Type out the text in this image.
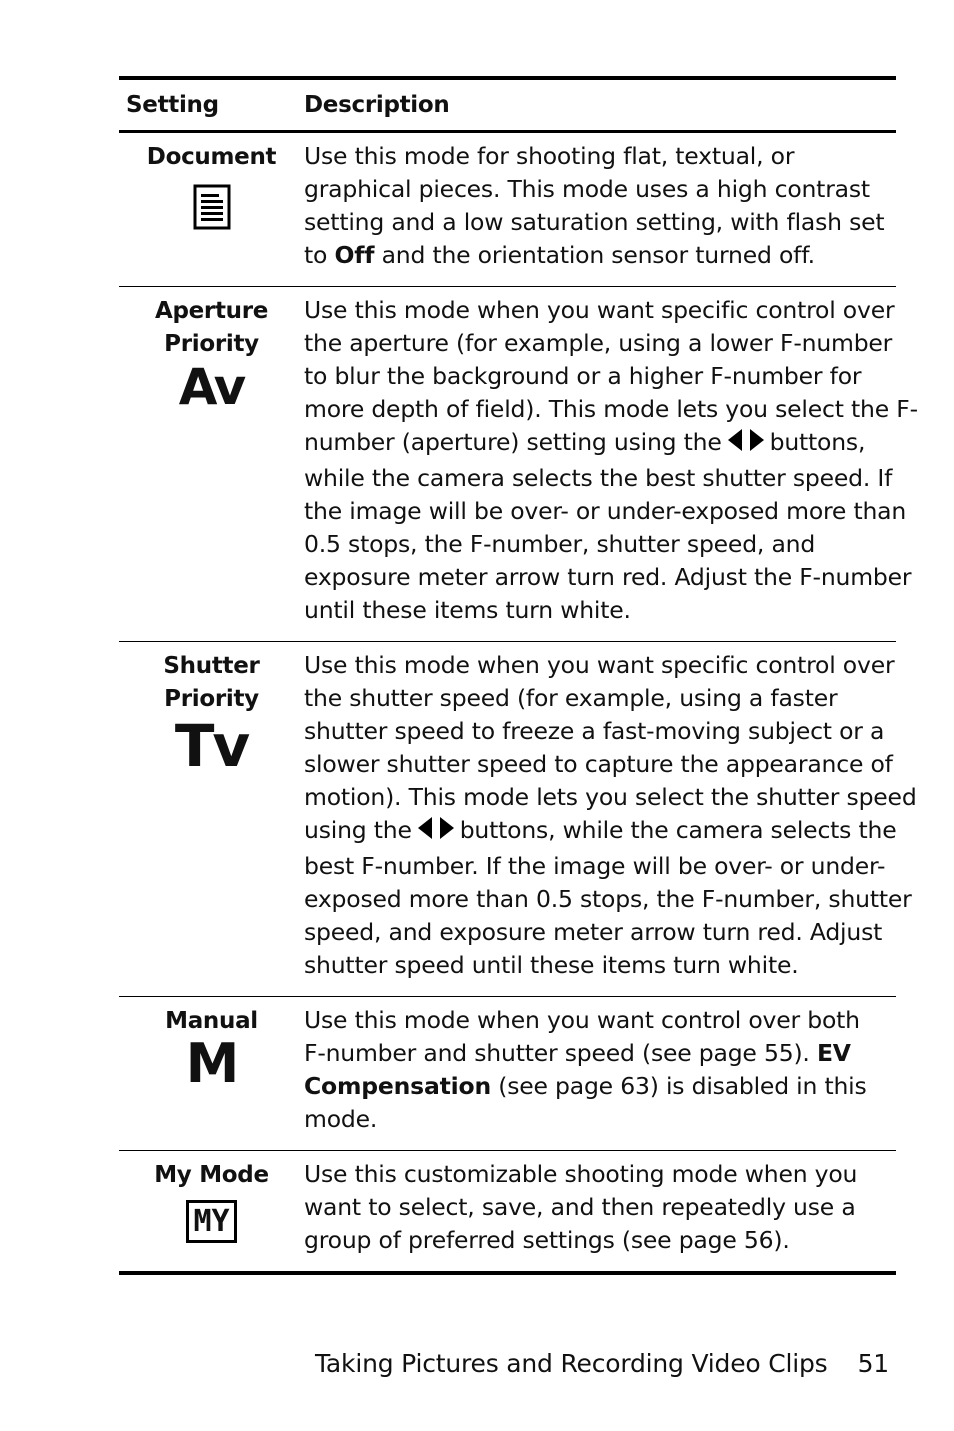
Setting	Description
Document	Use this mode for shooting flat, textual, or
graphical pieces. This mode uses a high contrast
setting and a low saturation setting, with flash set
to Off and the orientation sensor turned off.
Aperture
Priority
Av
Use this mode when you want specific control over
the aperture (for example, using a lower F-number
to blur the background or a higher F-number for
more depth of field). This mode lets you select the F-
number (aperture) setting using the buttons,
while the camera selects the best shutter speed. If
the image will be over- or under-exposed more than
0.5 stops, the F-number, shutter speed, and
exposure meter arrow turn red. Adjust the F-number
until these items turn white.
Shutter
Priority
Tv
Use this mode when you want specific control over
the shutter speed (for example, using a faster
shutter speed to freeze a fast-moving subject or a
slower shutter speed to capture the appearance of
motion). This mode lets you select the shutter speed
using the buttons, while the camera selects the
best F-number. If the image will be over- or under-
exposed more than 0.5 stops, the F-number, shutter
speed, and exposure meter arrow turn red. Adjust
shutter speed until these items turn white.
Manual
M
Use this mode when you want control over both
F-number and shutter speed (see page 55). EV
Compensation (see page 63) is disabled in this
mode.
My Mode
MY
Use this customizable shooting mode when you
want to select, save, and then repeatedly use a
group of preferred settings (see page 56).
Taking Pictures and Recording Video Clips 51
